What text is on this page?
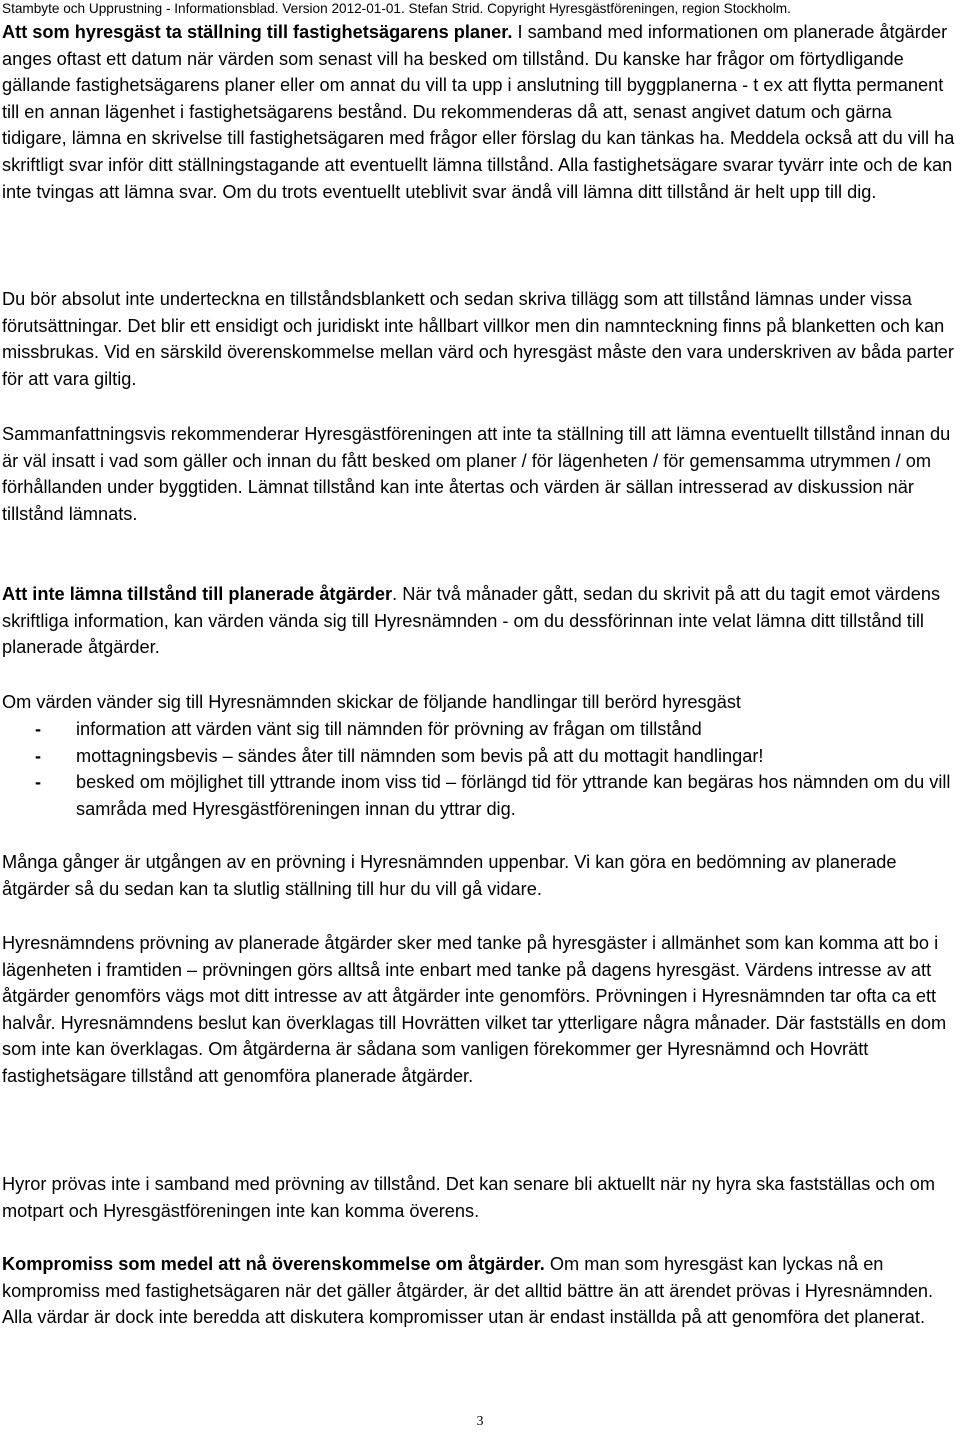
Stambyte och Upprustning - Informationsblad. Version 2012-01-01. Stefan Strid. Copyright Hyresgästföreningen, region Stockholm.

Att som hyresgäst ta ställning till fastighetsägarens planer. I samband med informationen om planerade åtgärder anges oftast ett datum när värden som senast vill ha besked om tillstånd. Du kanske har frågor om förtydligande gällande fastighetsägarens planer eller om annat du vill ta upp i anslutning till byggplanerna - t ex att flytta permanent till en annan lägenhet i fastighetsägarens bestånd. Du rekommenderas då att, senast angivet datum och gärna tidigare, lämna en skrivelse till fastighetsägaren med frågor eller förslag du kan tänkas ha. Meddela också att du vill ha skriftligt svar inför ditt ställningstagande att eventuellt lämna tillstånd. Alla fastighetsägare svarar tyvärr inte och de kan inte tvingas att lämna svar. Om du trots eventuellt uteblivit svar ändå vill lämna ditt tillstånd är helt upp till dig.

Du bör absolut inte underteckna en tillståndsblankett och sedan skriva tillägg som att tillstånd lämnas under vissa förutsättningar. Det blir ett ensidigt och juridiskt inte hållbart villkor men din namnteckning finns på blanketten och kan missbrukas. Vid en särskild överenskommelse mellan värd och hyresgäst måste den vara underskriven av båda parter för att vara giltig.

Sammanfattningsvis rekommenderar Hyresgästföreningen att inte ta ställning till att lämna eventuellt tillstånd innan du är väl insatt i vad som gäller och innan du fått besked om planer / för lägenheten / för gemensamma utrymmen / om förhållanden under byggtiden. Lämnat tillstånd kan inte återtas och värden är sällan intresserad av diskussion när tillstånd lämnats.

Att inte lämna tillstånd till planerade åtgärder. När två månader gått, sedan du skrivit på att du tagit emot värdens skriftliga information, kan värden vända sig till Hyresnämnden - om du dessförinnan inte velat lämna ditt tillstånd till planerade åtgärder.

Om värden vänder sig till Hyresnämnden skickar de följande handlingar till berörd hyresgäst

- information att värden vänt sig till nämnden för prövning av frågan om tillstånd
- mottagningsbevis – sändes åter till nämnden som bevis på att du mottagit handlingar!
- besked om möjlighet till yttrande inom viss tid – förlängd tid för yttrande kan begäras hos nämnden om du vill samråda med Hyresgästföreningen innan du yttrar dig.

Många gånger är utgången av en prövning i Hyresnämnden uppenbar. Vi kan göra en bedömning av planerade åtgärder så du sedan kan ta slutlig ställning till hur du vill gå vidare.

Hyresnämndens prövning av planerade åtgärder sker med tanke på hyresgäster i allmänhet som kan komma att bo i lägenheten i framtiden – prövningen görs alltså inte enbart med tanke på dagens hyresgäst. Värdens intresse av att åtgärder genomförs vägs mot ditt intresse av att åtgärder inte genomförs. Prövningen i Hyresnämnden tar ofta ca ett halvår. Hyresnämndens beslut kan överklagas till Hovrätten vilket tar ytterligare några månader. Där fastställs en dom som inte kan överklagas. Om åtgärderna är sådana som vanligen förekommer ger Hyresnämnd och Hovrätt fastighetsägare tillstånd att genomföra planerade åtgärder.

Hyror prövas inte i samband med prövning av tillstånd. Det kan senare bli aktuellt när ny hyra ska fastställas och om motpart och Hyresgästföreningen inte kan komma överens.

Kompromiss som medel att nå överenskommelse om åtgärder. Om man som hyresgäst kan lyckas nå en kompromiss med fastighetsägaren när det gäller åtgärder, är det alltid bättre än att ärendet prövas i Hyresnämnden. Alla värdar är dock inte beredda att diskutera kompromisser utan är endast inställda på att genomföra det planerat.

3
